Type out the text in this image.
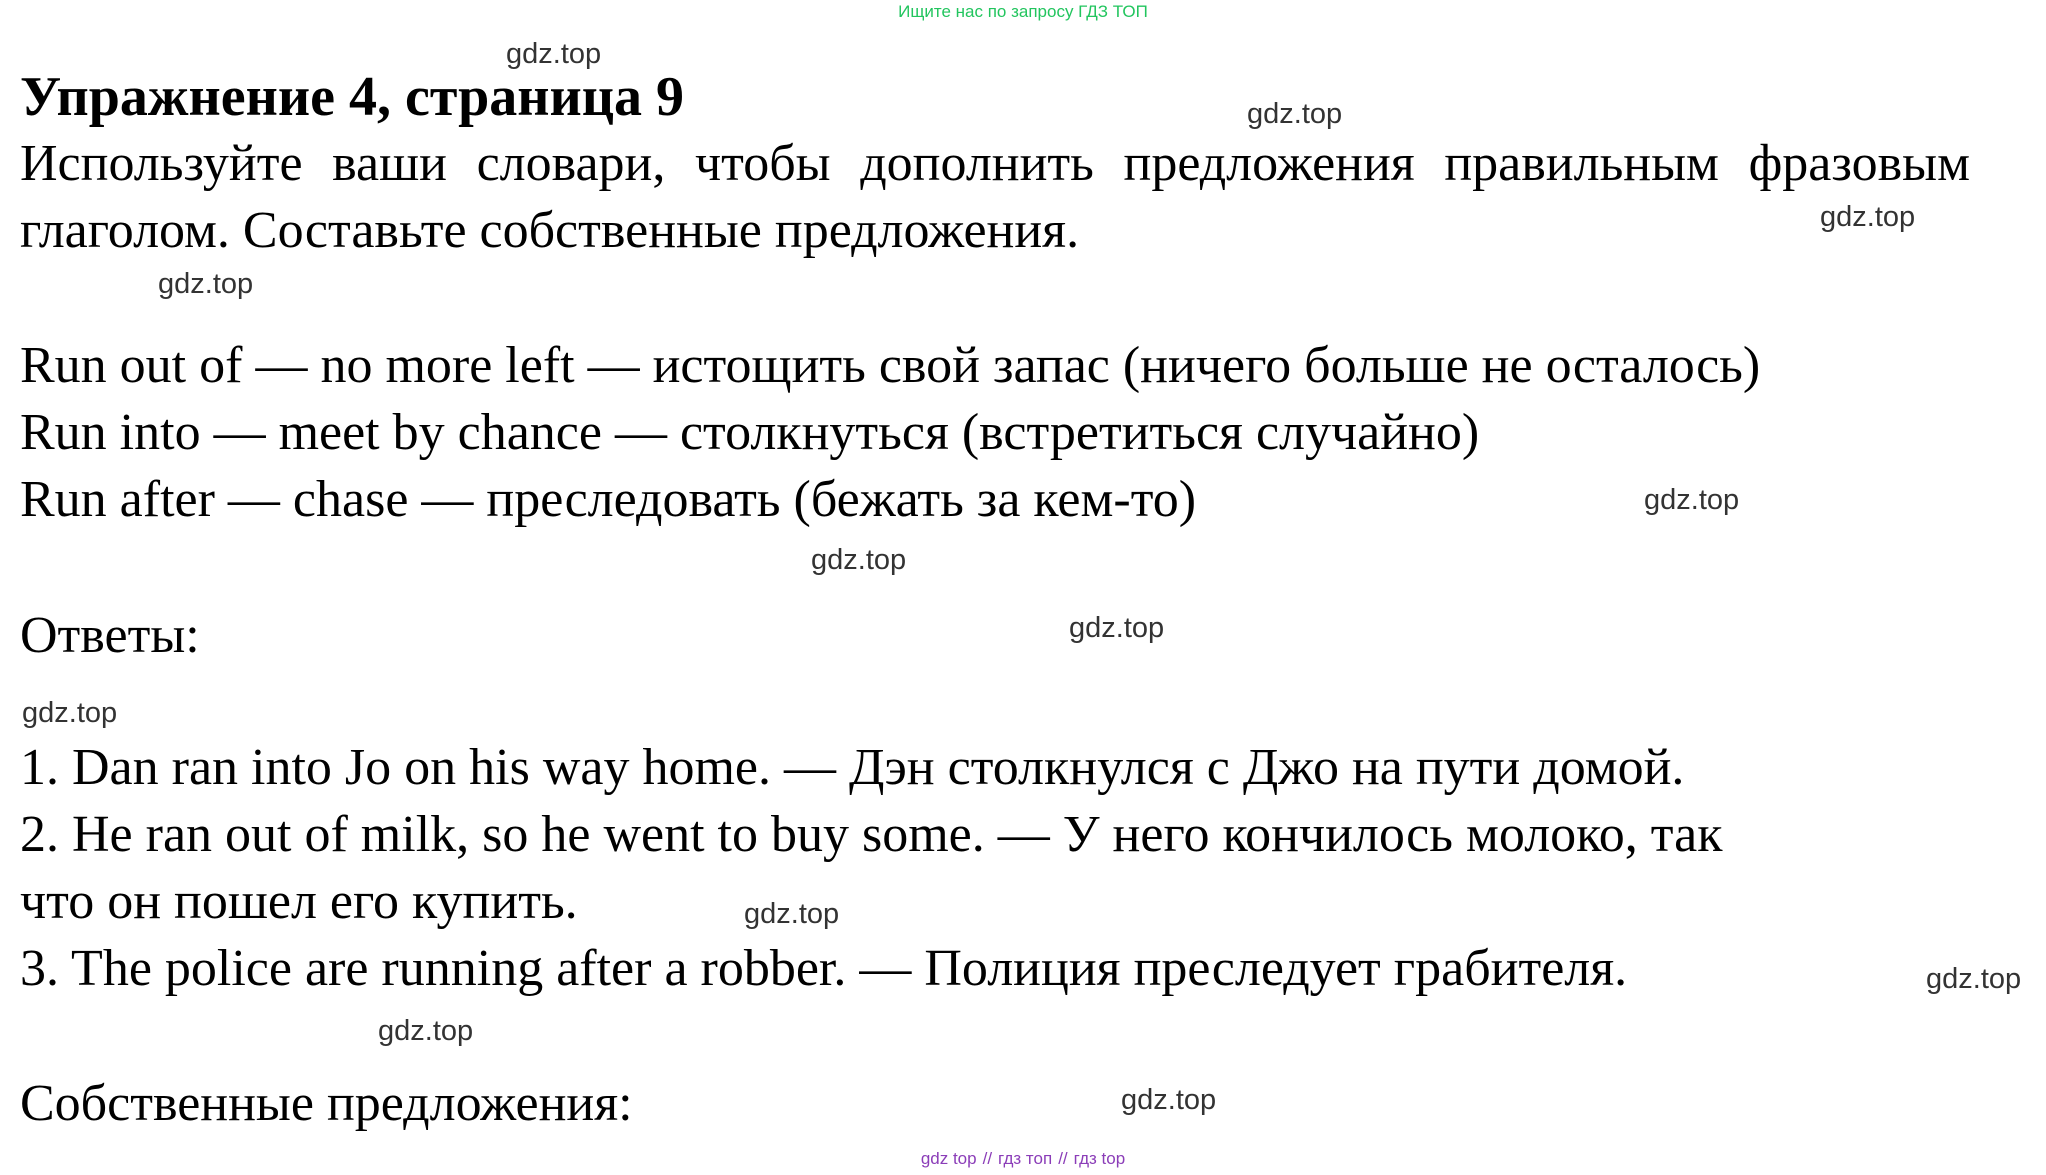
Ищите нас по запросу ГДЗ ТОП
Упражнение 4, страница 9
Используйте ваши словари, чтобы дополнить предложения правильным фразовым глаголом. Составьте собственные предложения.
Run out of — no more left — истощить свой запас (ничего больше не осталось)
Run into — meet by chance — столкнуться (встретиться случайно)
Run after — chase — преследовать (бежать за кем-то)
Ответы:
1. Dan ran into Jo on his way home. — Дэн столкнулся с Джо на пути домой.
2. He ran out of milk, so he went to buy some. — У него кончилось молоко, так
что он пошел его купить.
3. The police are running after a robber. — Полиция преследует грабителя.
Собственные предложения:
gdz.top
gdz.top
gdz.top
gdz.top
gdz.top
gdz.top
gdz.top
gdz.top
gdz.top
gdz.top
gdz.top
gdz.top
gdz top // гдз топ // гдз top
